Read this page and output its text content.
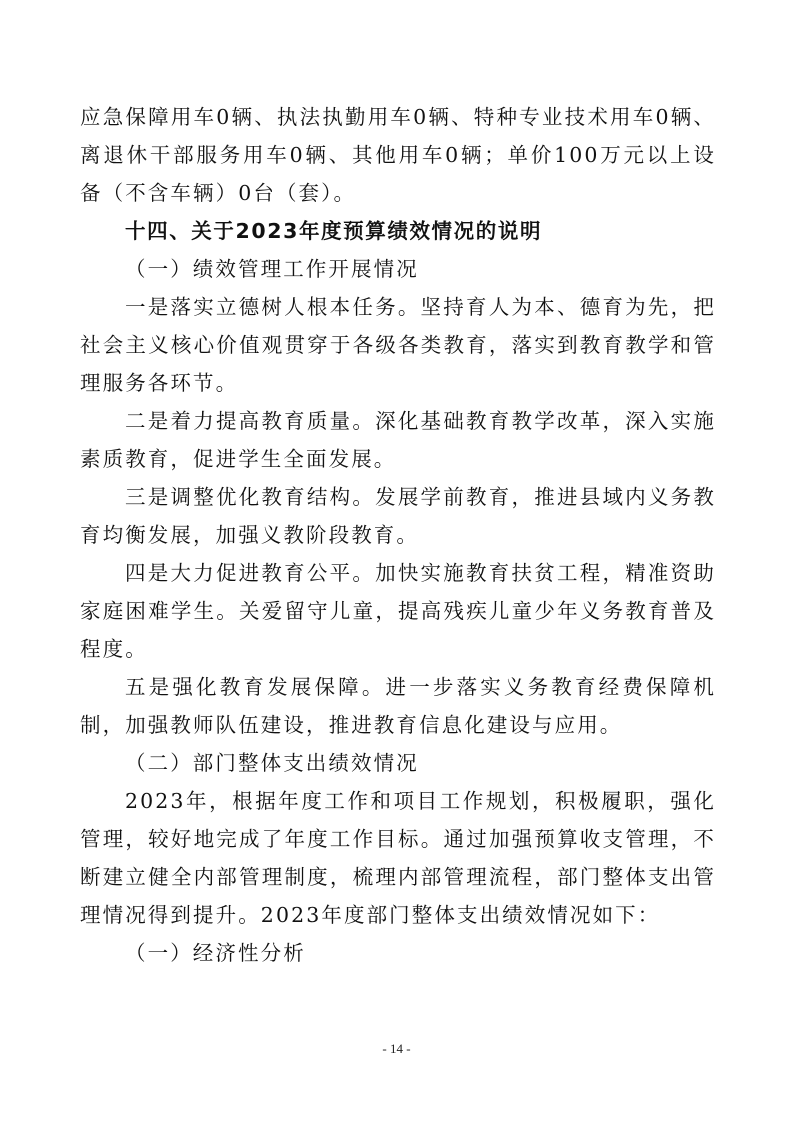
应急保障用车0辆、执法执勤用车0辆、特种专业技术用车0辆、离退休干部服务用车0辆、其他用车0辆；单价100万元以上设备（不含车辆）0台（套）。

十四、关于2023年度预算绩效情况的说明

（一）绩效管理工作开展情况

一是落实立德树人根本任务。坚持育人为本、德育为先，把社会主义核心价值观贯穿于各级各类教育，落实到教育教学和管理服务各环节。

二是着力提高教育质量。深化基础教育教学改革，深入实施素质教育，促进学生全面发展。

三是调整优化教育结构。发展学前教育，推进县域内义务教育均衡发展，加强义教阶段教育。

四是大力促进教育公平。加快实施教育扶贫工程，精准资助家庭困难学生。关爱留守儿童，提高残疾儿童少年义务教育普及程度。

五是强化教育发展保障。进一步落实义务教育经费保障机制，加强教师队伍建设，推进教育信息化建设与应用。

（二）部门整体支出绩效情况

2023年，根据年度工作和项目工作规划，积极履职，强化管理，较好地完成了年度工作目标。通过加强预算收支管理，不断建立健全内部管理制度，梳理内部管理流程，部门整体支出管理情况得到提升。2023年度部门整体支出绩效情况如下：

（一）经济性分析

- 14 -
